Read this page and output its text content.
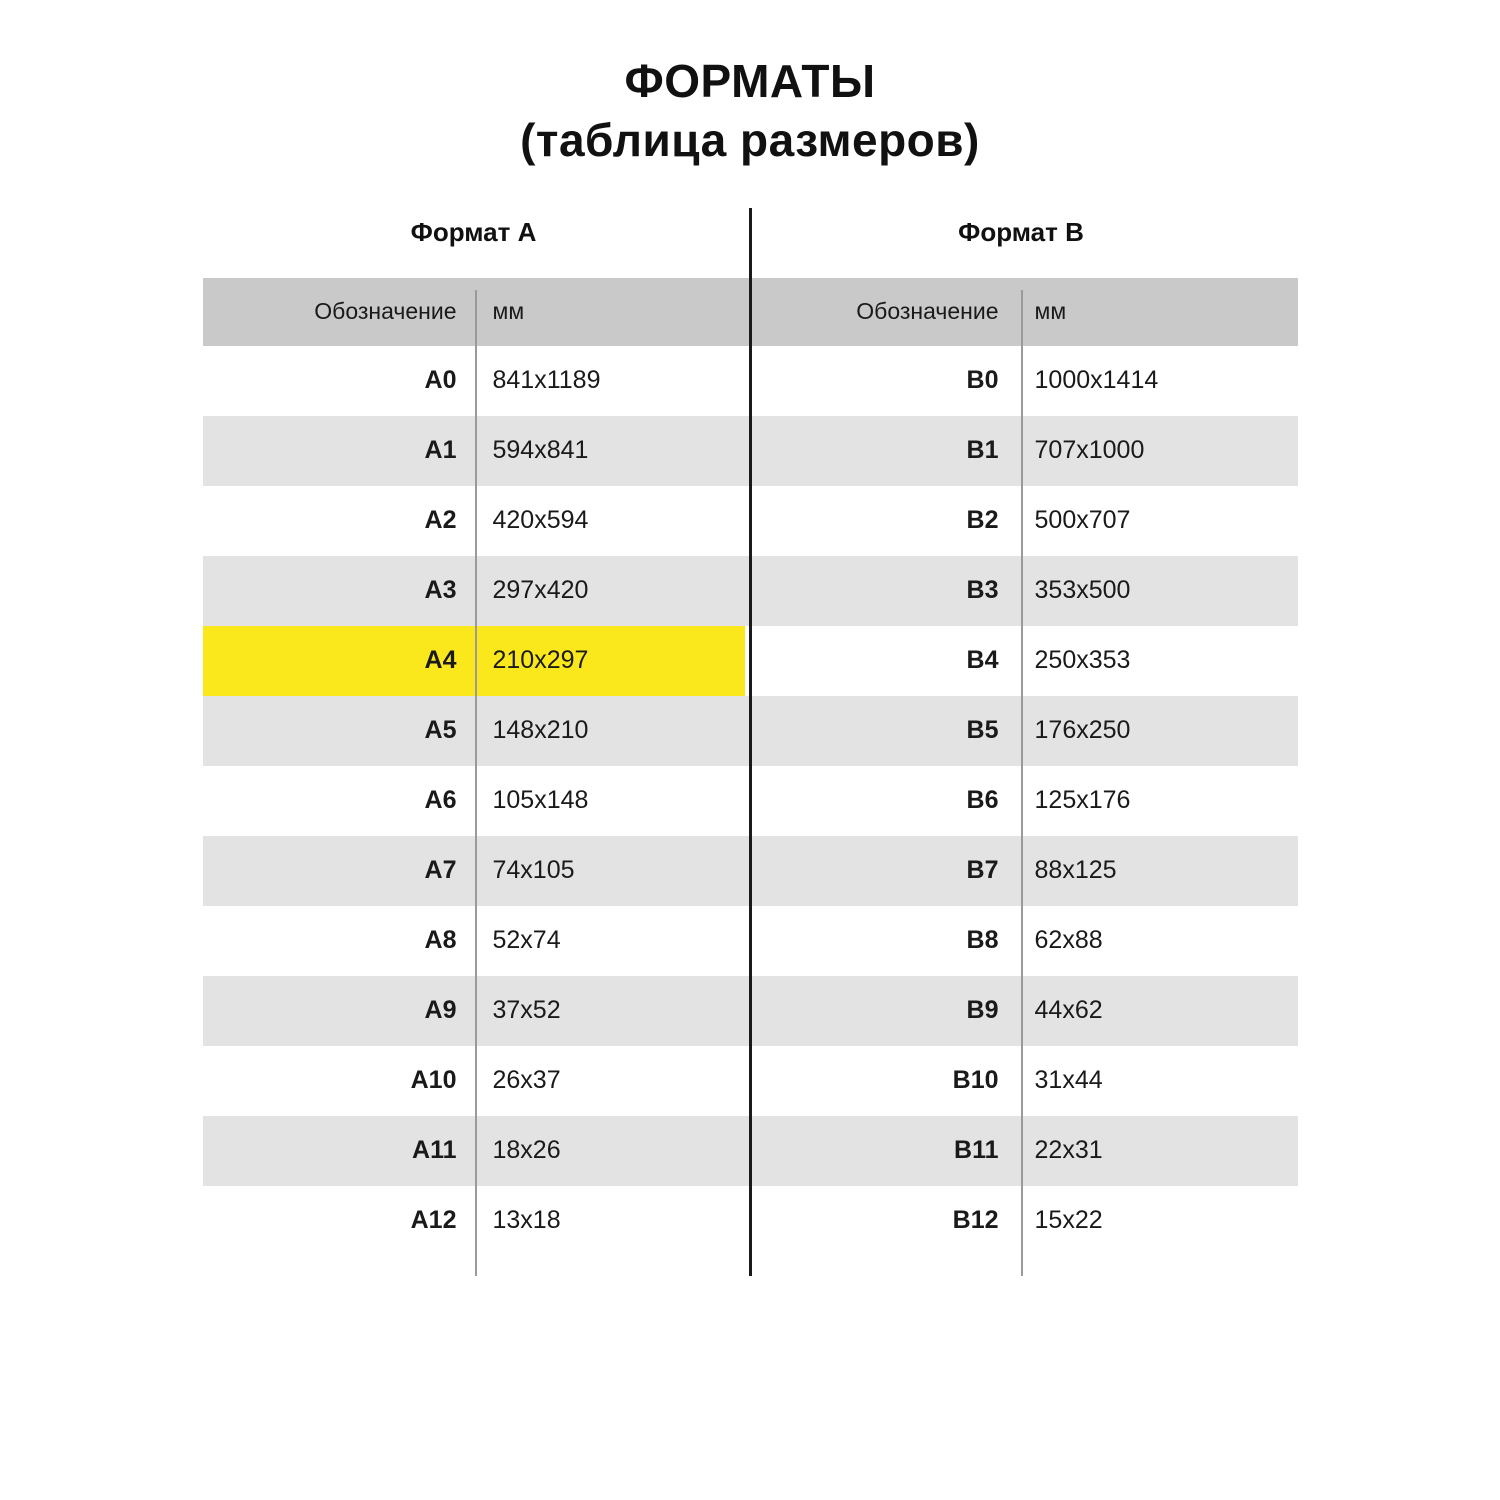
ФОРМАТЫ
(таблица размеров)
Формат А		Формат B	
Обозначение	мм	Обозначение	мм
A0	841x1189	B0	1000x1414
A1	594x841	B1	707x1000
A2	420x594	B2	500x707
A3	297x420	B3	353x500
A4	210x297	B4	250x353
A5	148x210	B5	176x250
A6	105x148	B6	125x176
A7	74x105	B7	88x125
A8	52x74	B8	62x88
A9	37x52	B9	44x62
A10	26x37	B10	31x44
A11	18x26	B11	22x31
A12	13x18	B12	15x22
